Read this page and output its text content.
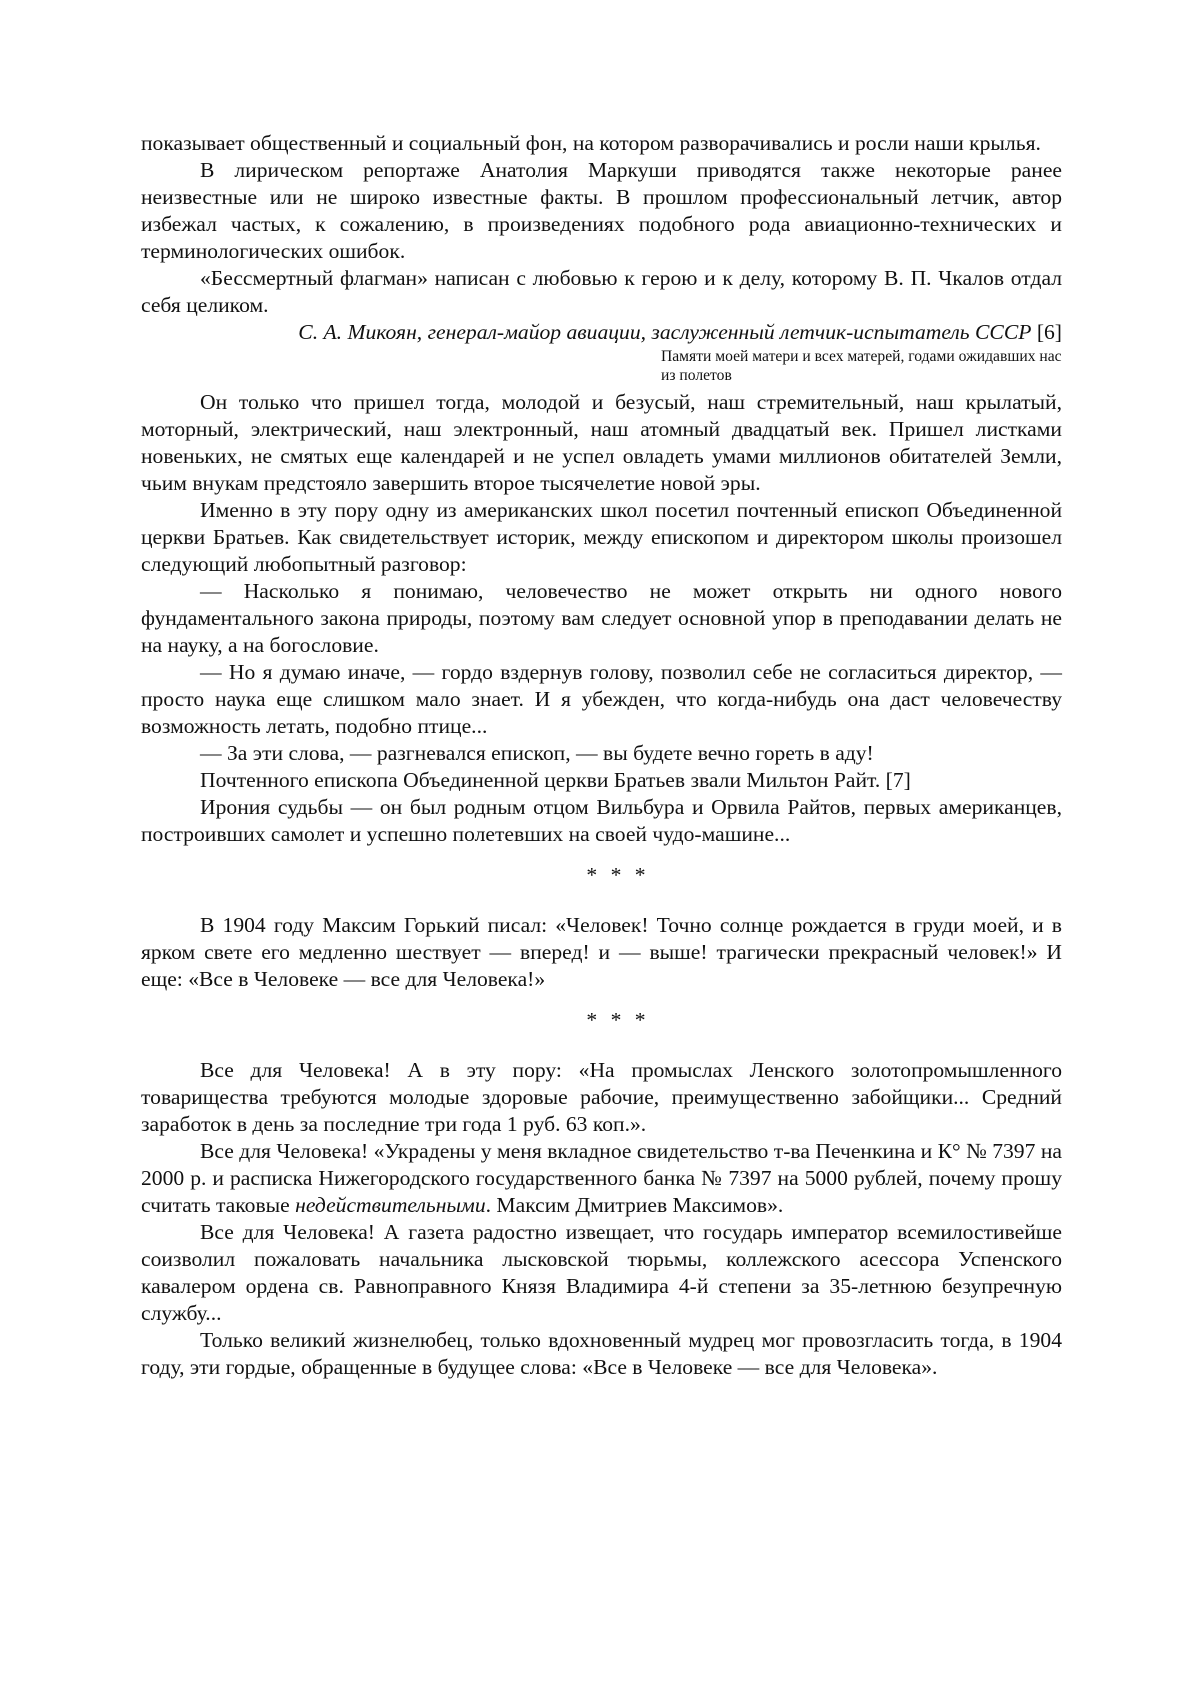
показывает общественный и социальный фон, на котором разворачивались и росли наши крылья.

В лирическом репортаже Анатолия Маркуши приводятся также некоторые ранее неизвестные или не широко известные факты. В прошлом профессиональный летчик, автор избежал частых, к сожалению, в произведениях подобного рода авиационно-технических и терминологических ошибок.

«Бессмертный флагман» написан с любовью к герою и к делу, которому В. П. Чкалов отдал себя целиком.

С. А. Микоян, генерал-майор авиации, заслуженный летчик-испытатель СССР [6]

Памяти моей матери и всех матерей, годами ожидавших нас из полетов

Он только что пришел тогда, молодой и безусый, наш стремительный, наш крылатый, моторный, электрический, наш электронный, наш атомный двадцатый век. Пришел листками новеньких, не смятых еще календарей и не успел овладеть умами миллионов обитателей Земли, чьим внукам предстояло завершить второе тысячелетие новой эры.

Именно в эту пору одну из американских школ посетил почтенный епископ Объединенной церкви Братьев. Как свидетельствует историк, между епископом и директором школы произошел следующий любопытный разговор:

— Насколько я понимаю, человечество не может открыть ни одного нового фундаментального закона природы, поэтому вам следует основной упор в преподавании делать не на науку, а на богословие.

— Но я думаю иначе, — гордо вздернув голову, позволил себе не согласиться директор, — просто наука еще слишком мало знает. И я убежден, что когда-нибудь она даст человечеству возможность летать, подобно птице...

— За эти слова, — разгневался епископ, — вы будете вечно гореть в аду!

Почтенного епископа Объединенной церкви Братьев звали Мильтон Райт. [7]

Ирония судьбы — он был родным отцом Вильбура и Орвила Райтов, первых американцев, построивших самолет и успешно полетевших на своей чудо-машине...

* * *

В 1904 году Максим Горький писал: «Человек! Точно солнце рождается в груди моей, и в ярком свете его медленно шествует — вперед! и — выше! трагически прекрасный человек!» И еще: «Все в Человеке — все для Человека!»

* * *

Все для Человека! А в эту пору: «На промыслах Ленского золотопромышленного товарищества требуются молодые здоровые рабочие, преимущественно забойщики... Средний заработок в день за последние три года 1 руб. 63 коп.».

Все для Человека! «Украдены у меня вкладное свидетельство т-ва Печенкина и К° № 7397 на 2000 р. и расписка Нижегородского государственного банка № 7397 на 5000 рублей, почему прошу считать таковые недействительными. Максим Дмитриев Максимов».

Все для Человека! А газета радостно извещает, что государь император всемилостивейше соизволил пожаловать начальника лысковской тюрьмы, коллежского асессора Успенского кавалером ордена св. Равноправного Князя Владимира 4-й степени за 35-летнюю безупречную службу...

Только великий жизнелюбец, только вдохновенный мудрец мог провозгласить тогда, в 1904 году, эти гордые, обращенные в будущее слова: «Все в Человеке — все для Человека».
